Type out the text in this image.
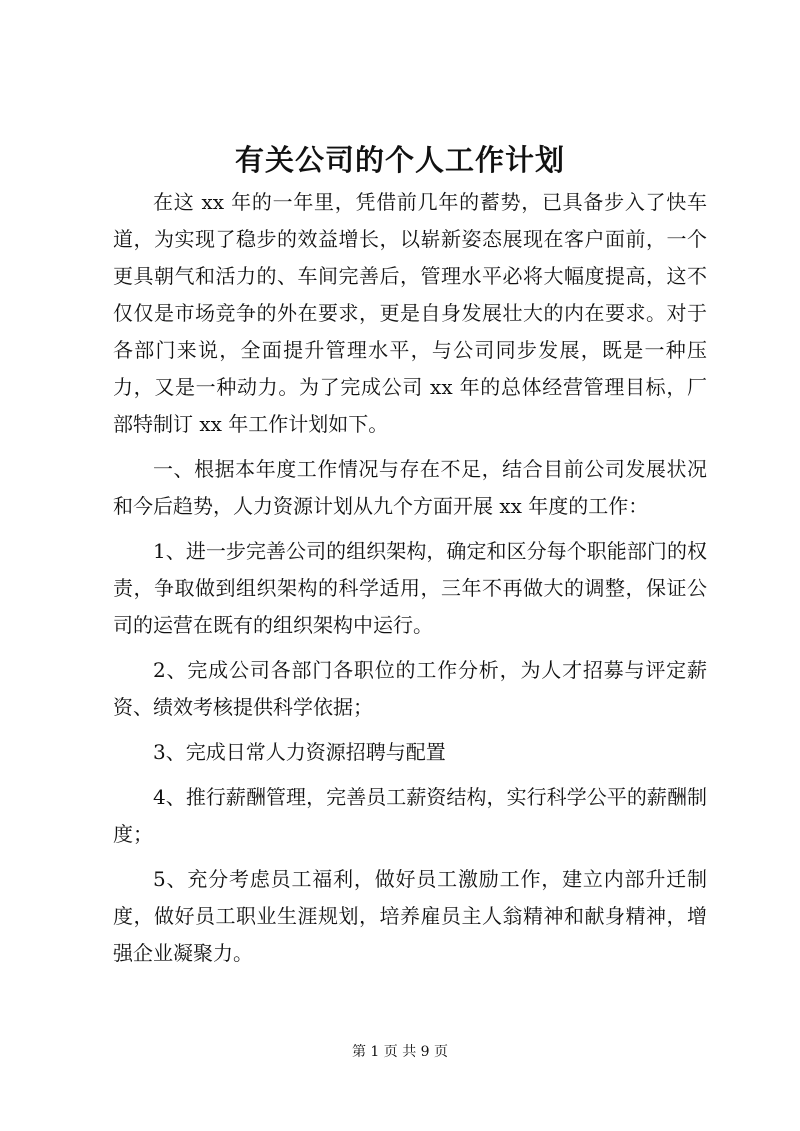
有关公司的个人工作计划

在这 xx 年的一年里，凭借前几年的蓄势，已具备步入了快车道，为实现了稳步的效益增长，以崭新姿态展现在客户面前，一个更具朝气和活力的、车间完善后，管理水平必将大幅度提高，这不仅仅是市场竞争的外在要求，更是自身发展壮大的内在要求。对于各部门来说，全面提升管理水平，与公司同步发展，既是一种压力，又是一种动力。为了完成公司 xx 年的总体经营管理目标，厂部特制订 xx 年工作计划如下。

一、根据本年度工作情况与存在不足，结合目前公司发展状况和今后趋势，人力资源计划从九个方面开展 xx 年度的工作：

1、进一步完善公司的组织架构，确定和区分每个职能部门的权责，争取做到组织架构的科学适用，三年不再做大的调整，保证公司的运营在既有的组织架构中运行。

2、完成公司各部门各职位的工作分析，为人才招募与评定薪资、绩效考核提供科学依据；

3、完成日常人力资源招聘与配置

4、推行薪酬管理，完善员工薪资结构，实行科学公平的薪酬制度；

5、充分考虑员工福利，做好员工激励工作，建立内部升迁制度，做好员工职业生涯规划，培养雇员主人翁精神和献身精神，增强企业凝聚力。

第 1 页 共 9 页
